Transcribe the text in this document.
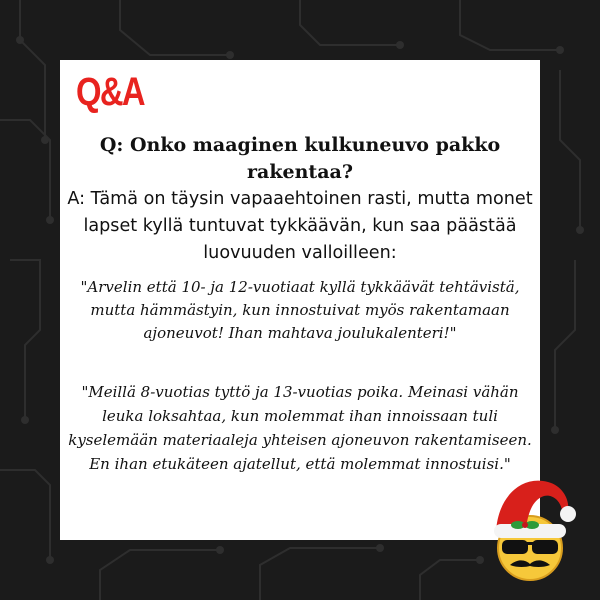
Q&A
Q: Onko maaginen kulkuneuvo pakko rakentaa?
A: Tämä on täysin vapaaehtoinen rasti, mutta monet lapset kyllä tuntuvat tykkäävän, kun saa päästää luovuuden valloilleen:
"Arvelin että 10- ja 12-vuotiaat kyllä tykkäävät tehtävistä, mutta hämmästyin, kun innostuivat myös rakentamaan ajoneuvot! Ihan mahtava joulukalenteri!"
"Meillä 8-vuotias tyttö ja 13-vuotias poika. Meinasi vähän leuka loksahtaa, kun molemmat ihan innoissaan tuli kyselemään materiaaleja yhteisen ajoneuvon rakentamiseen. En ihan etukäteen ajatellut, että molemmat innostuisi."
